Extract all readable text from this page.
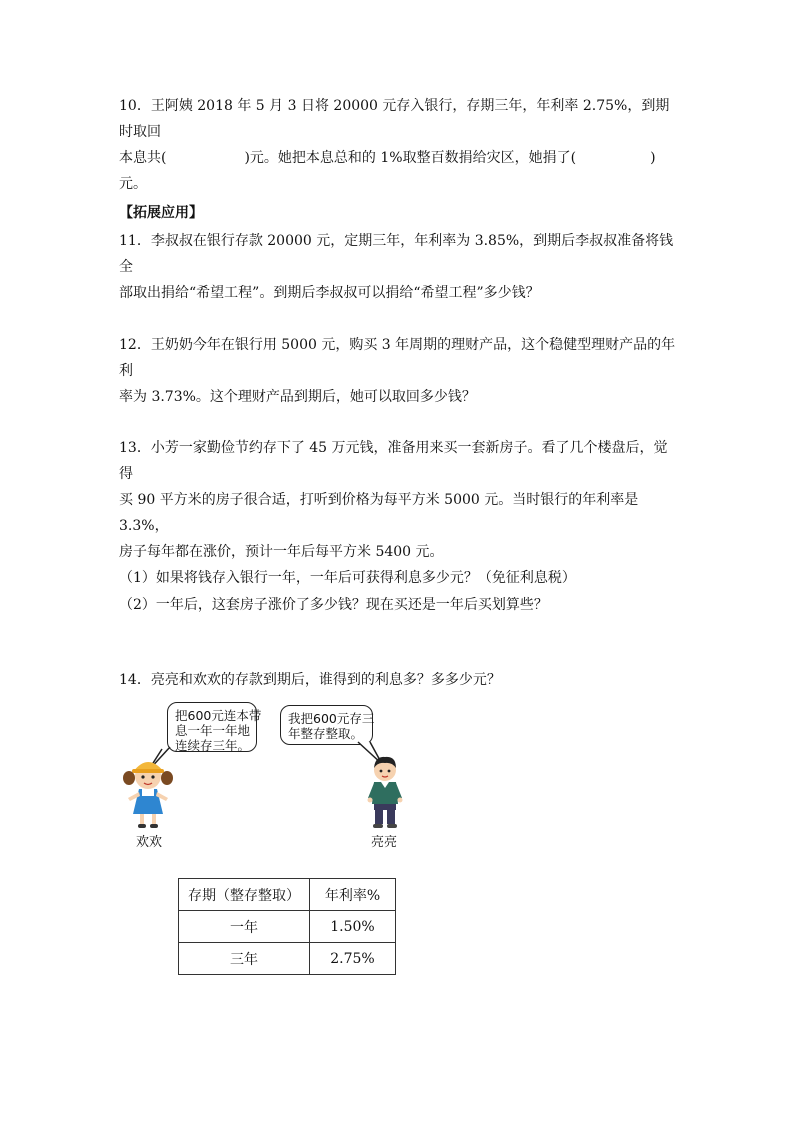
10．王阿姨 2018 年 5 月 3 日将 20000 元存入银行，存期三年，年利率 2.75%，到期时取回
本息共(	)元。她把本息总和的 1%取整百数捐给灾区，她捐了(	)
元。

【拓展应用】

11．李叔叔在银行存款 20000 元，定期三年，年利率为 3.85%，到期后李叔叔准备将钱全
部取出捐给“希望工程”。到期后李叔叔可以捐给“希望工程”多少钱？

12．王奶奶今年在银行用 5000 元，购买 3 年周期的理财产品，这个稳健型理财产品的年利
率为 3.73%。这个理财产品到期后，她可以取回多少钱？

13．小芳一家勤俭节约存下了 45 万元钱，准备用来买一套新房子。看了几个楼盘后，觉得
买 90 平方米的房子很合适，打听到价格为每平方米 5000 元。当时银行的年利率是 3.3%，
房子每年都在涨价，预计一年后每平方米 5400 元。
（1）如果将钱存入银行一年，一年后可获得利息多少元？（免征利息税）

（2）一年后，这套房子涨价了多少钱？现在买还是一年后买划算些？

14．亮亮和欢欢的存款到期后，谁得到的利息多？多多少元？

把600元连本带
息一年一年地
连续存三年。
我把600元存三
年整存整取。
欢欢	亮亮
存期（整存整取）	年利率%
一年	1.50%
三年	2.75%
